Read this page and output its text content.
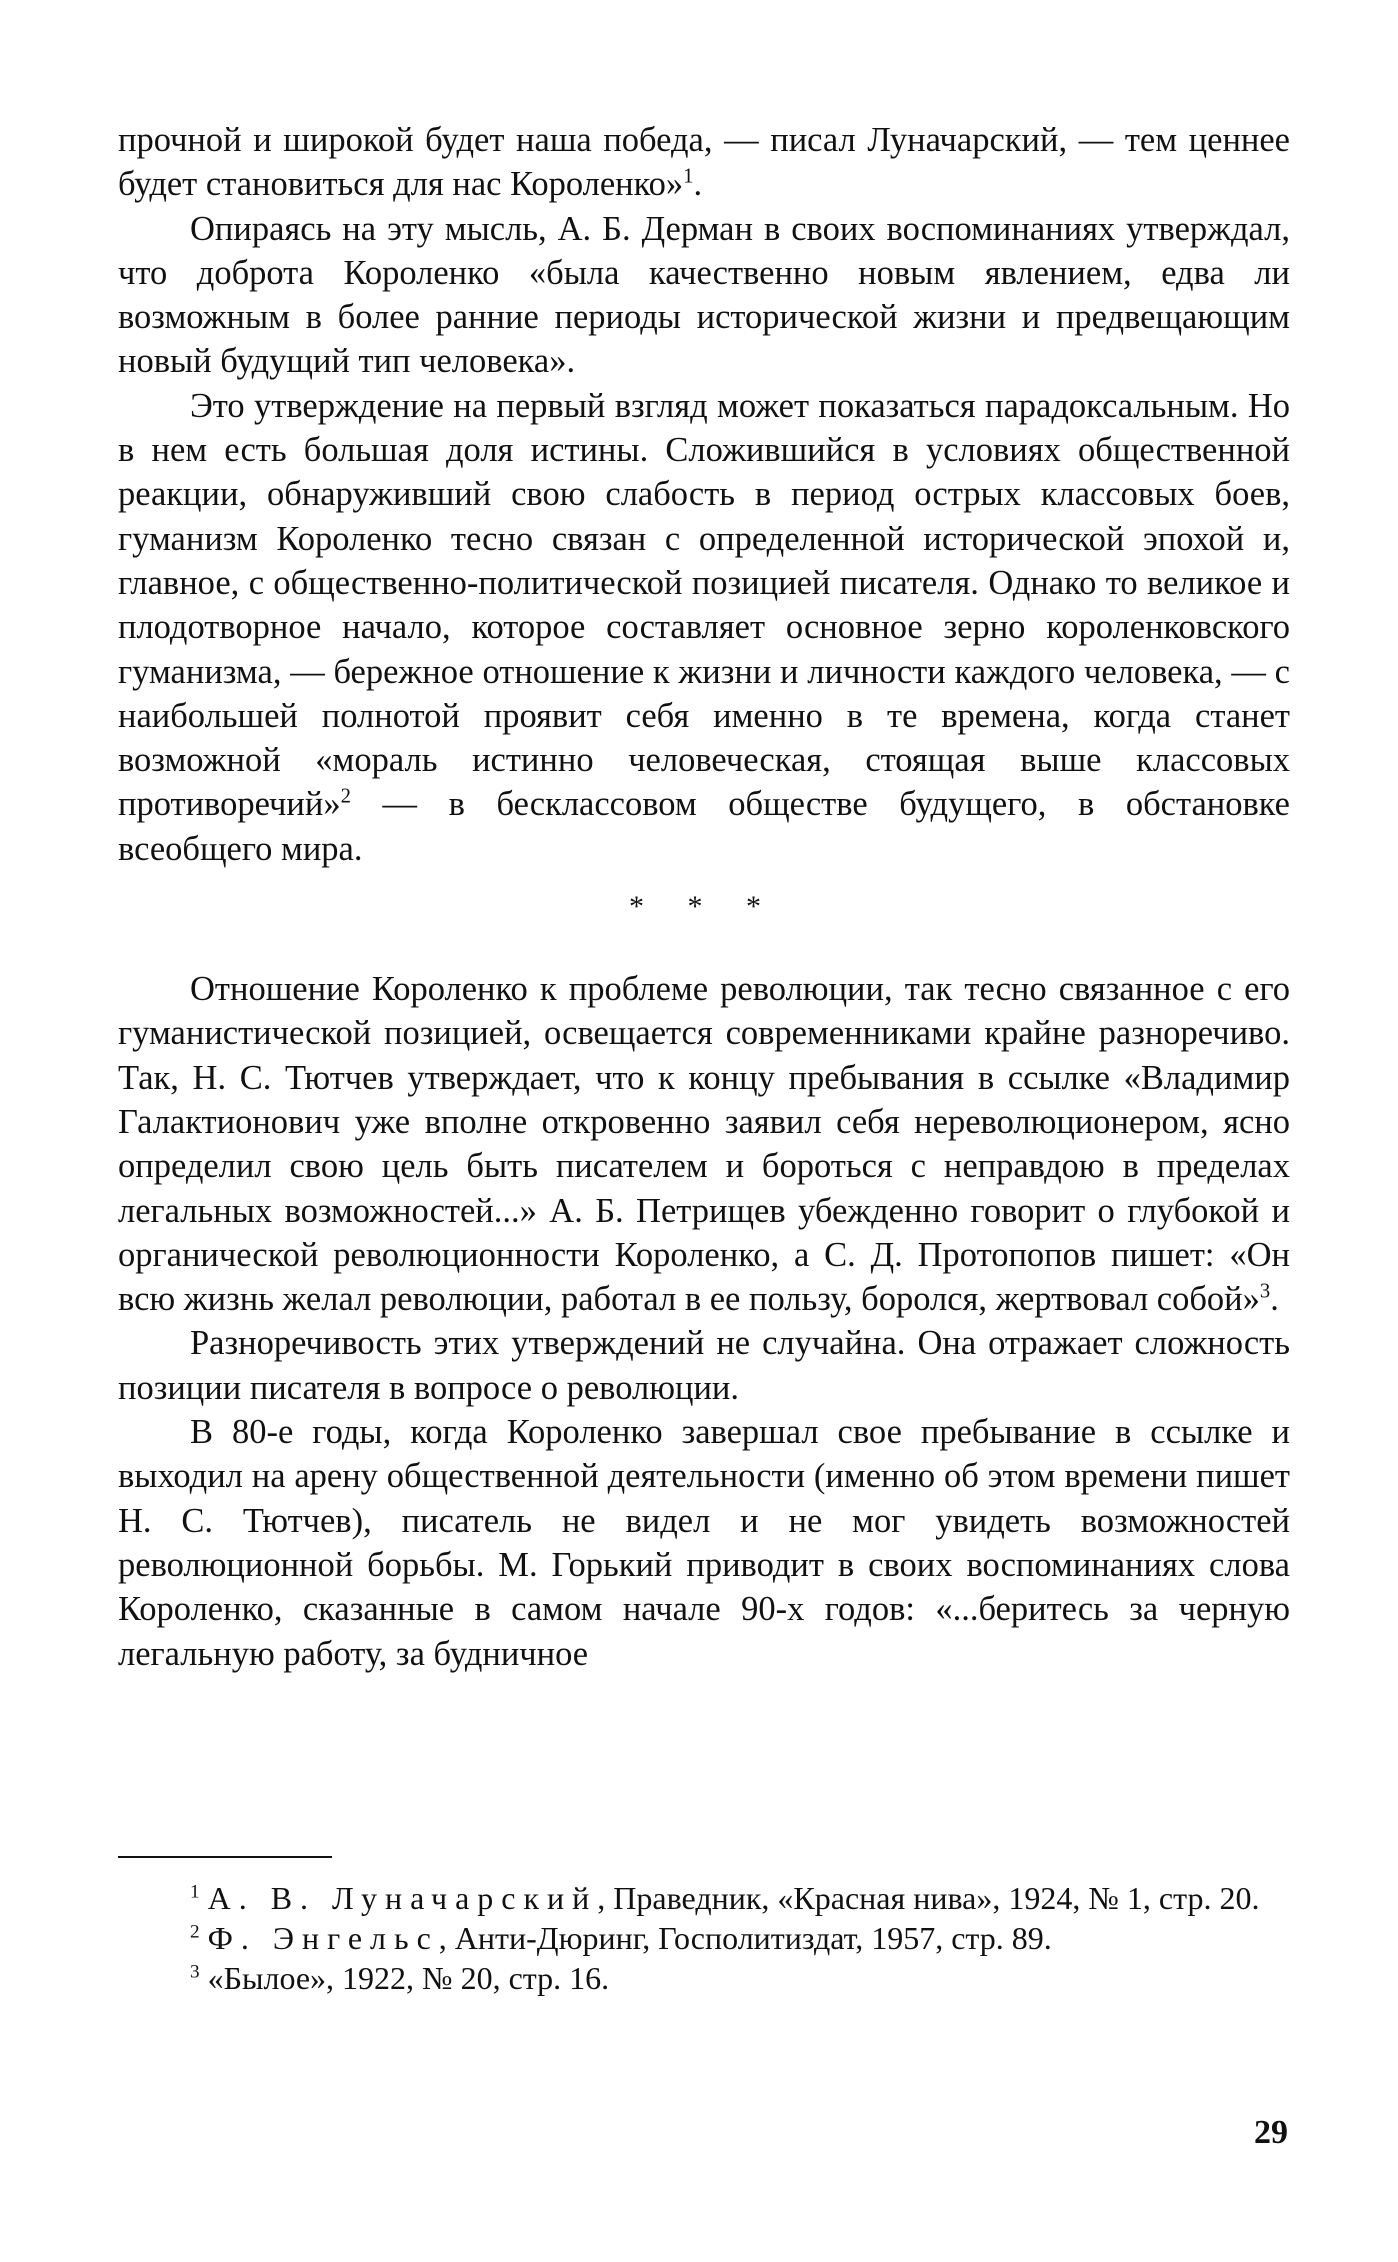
прочной и широкой будет наша победа, — писал Луначарский, — тем ценнее будет становиться для нас Короленко»$^1$.

Опираясь на эту мысль, А. Б. Дерман в своих воспоминаниях утверждал, что доброта Короленко «была качественно новым явлением, едва ли возможным в более ранние периоды исторической жизни и предвещающим новый будущий тип человека».

Это утверждение на первый взгляд может показаться парадоксальным. Но в нем есть большая доля истины. Сложившийся в условиях общественной реакции, обнаруживший свою слабость в период острых классовых боев, гуманизм Короленко тесно связан с определенной исторической эпохой и, главное, с общественно-политической позицией писателя. Однако то великое и плодотворное начало, которое составляет основное зерно короленковского гуманизма, — бережное отношение к жизни и личности каждого человека, — с наибольшей полнотой проявит себя именно в те времена, когда станет возможной «мораль истинно человеческая, стоящая выше классовых противоречий»$^2$ — в бесклассовом обществе будущего, в обстановке всеобщего мира.

* * *

Отношение Короленко к проблеме революции, так тесно связанное с его гуманистической позицией, освещается современниками крайне разноречиво. Так, Н. С. Тютчев утверждает, что к концу пребывания в ссылке «Владимир Галактионович уже вполне откровенно заявил себя нереволюционером, ясно определил свою цель быть писателем и бороться с неправдою в пределах легальных возможностей...» А. Б. Петрищев убежденно говорит о глубокой и органической революционности Короленко, а С. Д. Протопопов пишет: «Он всю жизнь желал революции, работал в ее пользу, боролся, жертвовал собой»$^3$.

Разноречивость этих утверждений не случайна. Она отражает сложность позиции писателя в вопросе о революции.

В 80-е годы, когда Короленко завершал свое пребывание в ссылке и выходил на арену общественной деятельности (именно об этом времени пишет Н. С. Тютчев), писатель не видел и не мог увидеть возможностей революционной борьбы. М. Горький приводит в своих воспоминаниях слова Короленко, сказанные в самом начале 90-х годов: «...беритесь за черную легальную работу, за будничное

$^1$ А. В. Луначарский, Праведник, «Красная нива», 1924, № 1, стр. 20.

$^2$ Ф. Энгельс, Анти-Дюринг, Госполитиздат, 1957, стр. 89.

$^3$ «Былое», 1922, № 20, стр. 16.

29
